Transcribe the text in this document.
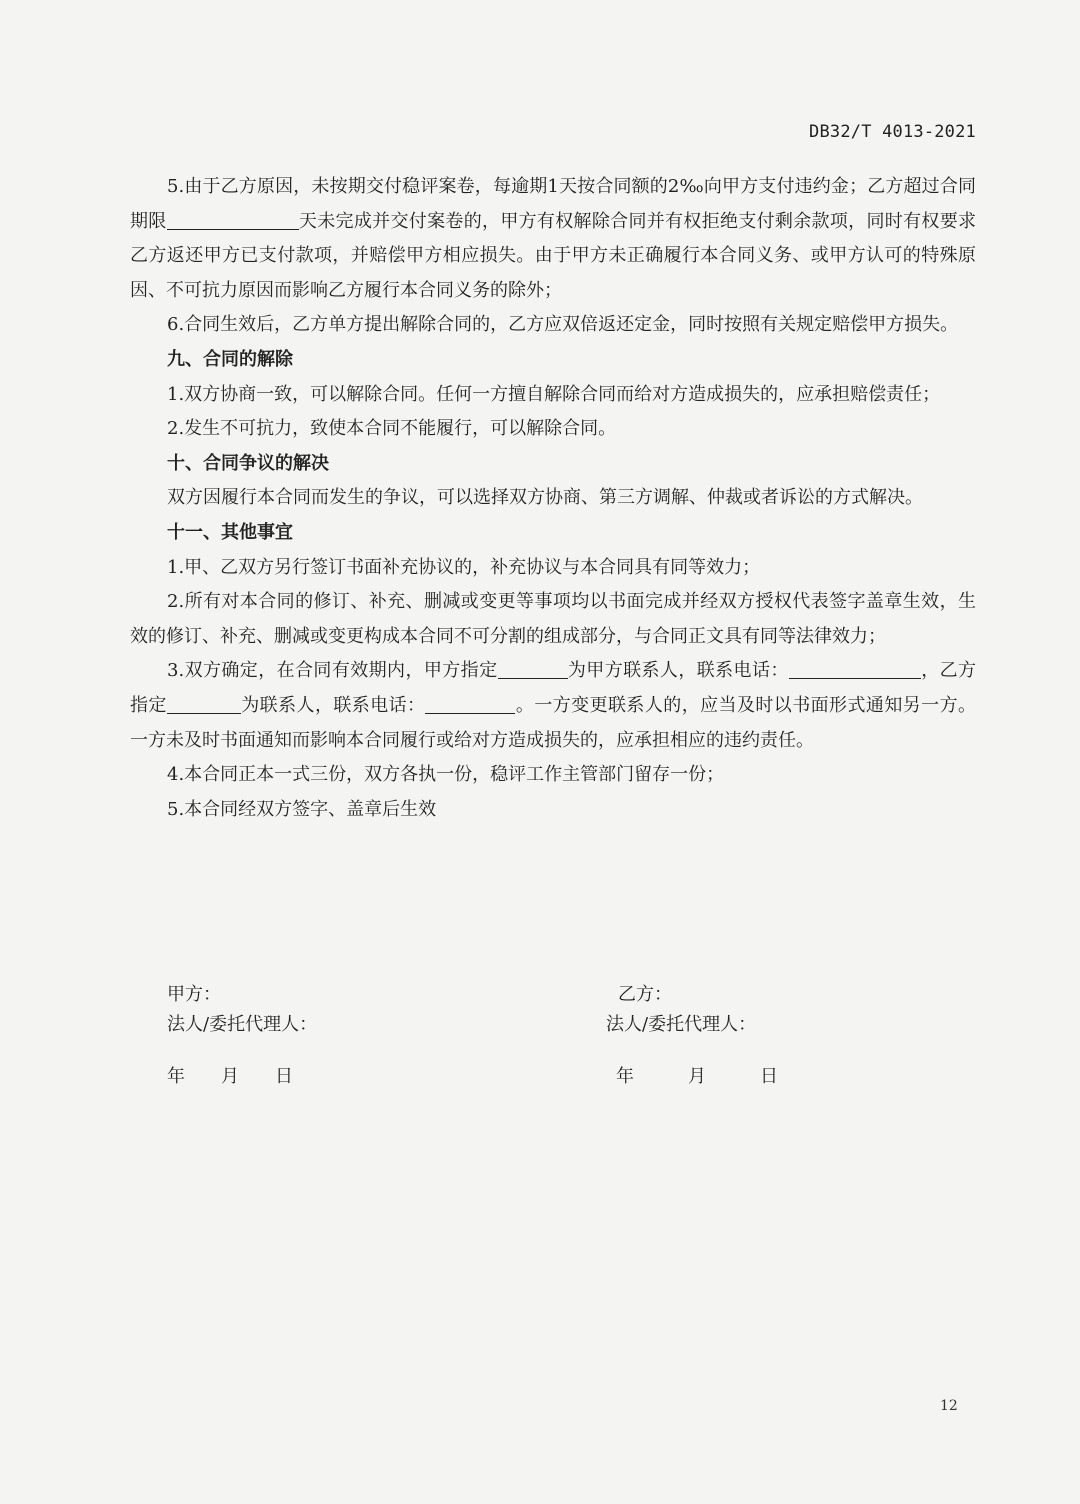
DB32/T 4013-2021

5.由于乙方原因，未按期交付稳评案卷，每逾期1天按合同额的2‰向甲方支付违约金；乙方超过合同期限	天未完成并交付案卷的，甲方有权解除合同并有权拒绝支付剩余款项，同时有权要求乙方返还甲方已支付款项，并赔偿甲方相应损失。由于甲方未正确履行本合同义务、或甲方认可的特殊原因、不可抗力原因而影响乙方履行本合同义务的除外；

6.合同生效后，乙方单方提出解除合同的，乙方应双倍返还定金，同时按照有关规定赔偿甲方损失。

九、合同的解除

1.双方协商一致，可以解除合同。任何一方擅自解除合同而给对方造成损失的，应承担赔偿责任；

2.发生不可抗力，致使本合同不能履行，可以解除合同。

十、合同争议的解决

双方因履行本合同而发生的争议，可以选择双方协商、第三方调解、仲裁或者诉讼的方式解决。

十一、其他事宜

1.甲、乙双方另行签订书面补充协议的，补充协议与本合同具有同等效力；

2.所有对本合同的修订、补充、删减或变更等事项均以书面完成并经双方授权代表签字盖章生效，生效的修订、补充、删减或变更构成本合同不可分割的组成部分，与合同正文具有同等法律效力；

3.双方确定，在合同有效期内，甲方指定	为甲方联系人，联系电话：	，乙方指定	为联系人，联系电话：	。一方变更联系人的，应当及时以书面形式通知另一方。一方未及时书面通知而影响本合同履行或给对方造成损失的，应承担相应的违约责任。

4.本合同正本一式三份，双方各执一份，稳评工作主管部门留存一份；

5.本合同经双方签字、盖章后生效

甲方：
法人/委托代理人：
年　　月　　日
乙方：
法人/委托代理人：
年　　　月　　　日
12
